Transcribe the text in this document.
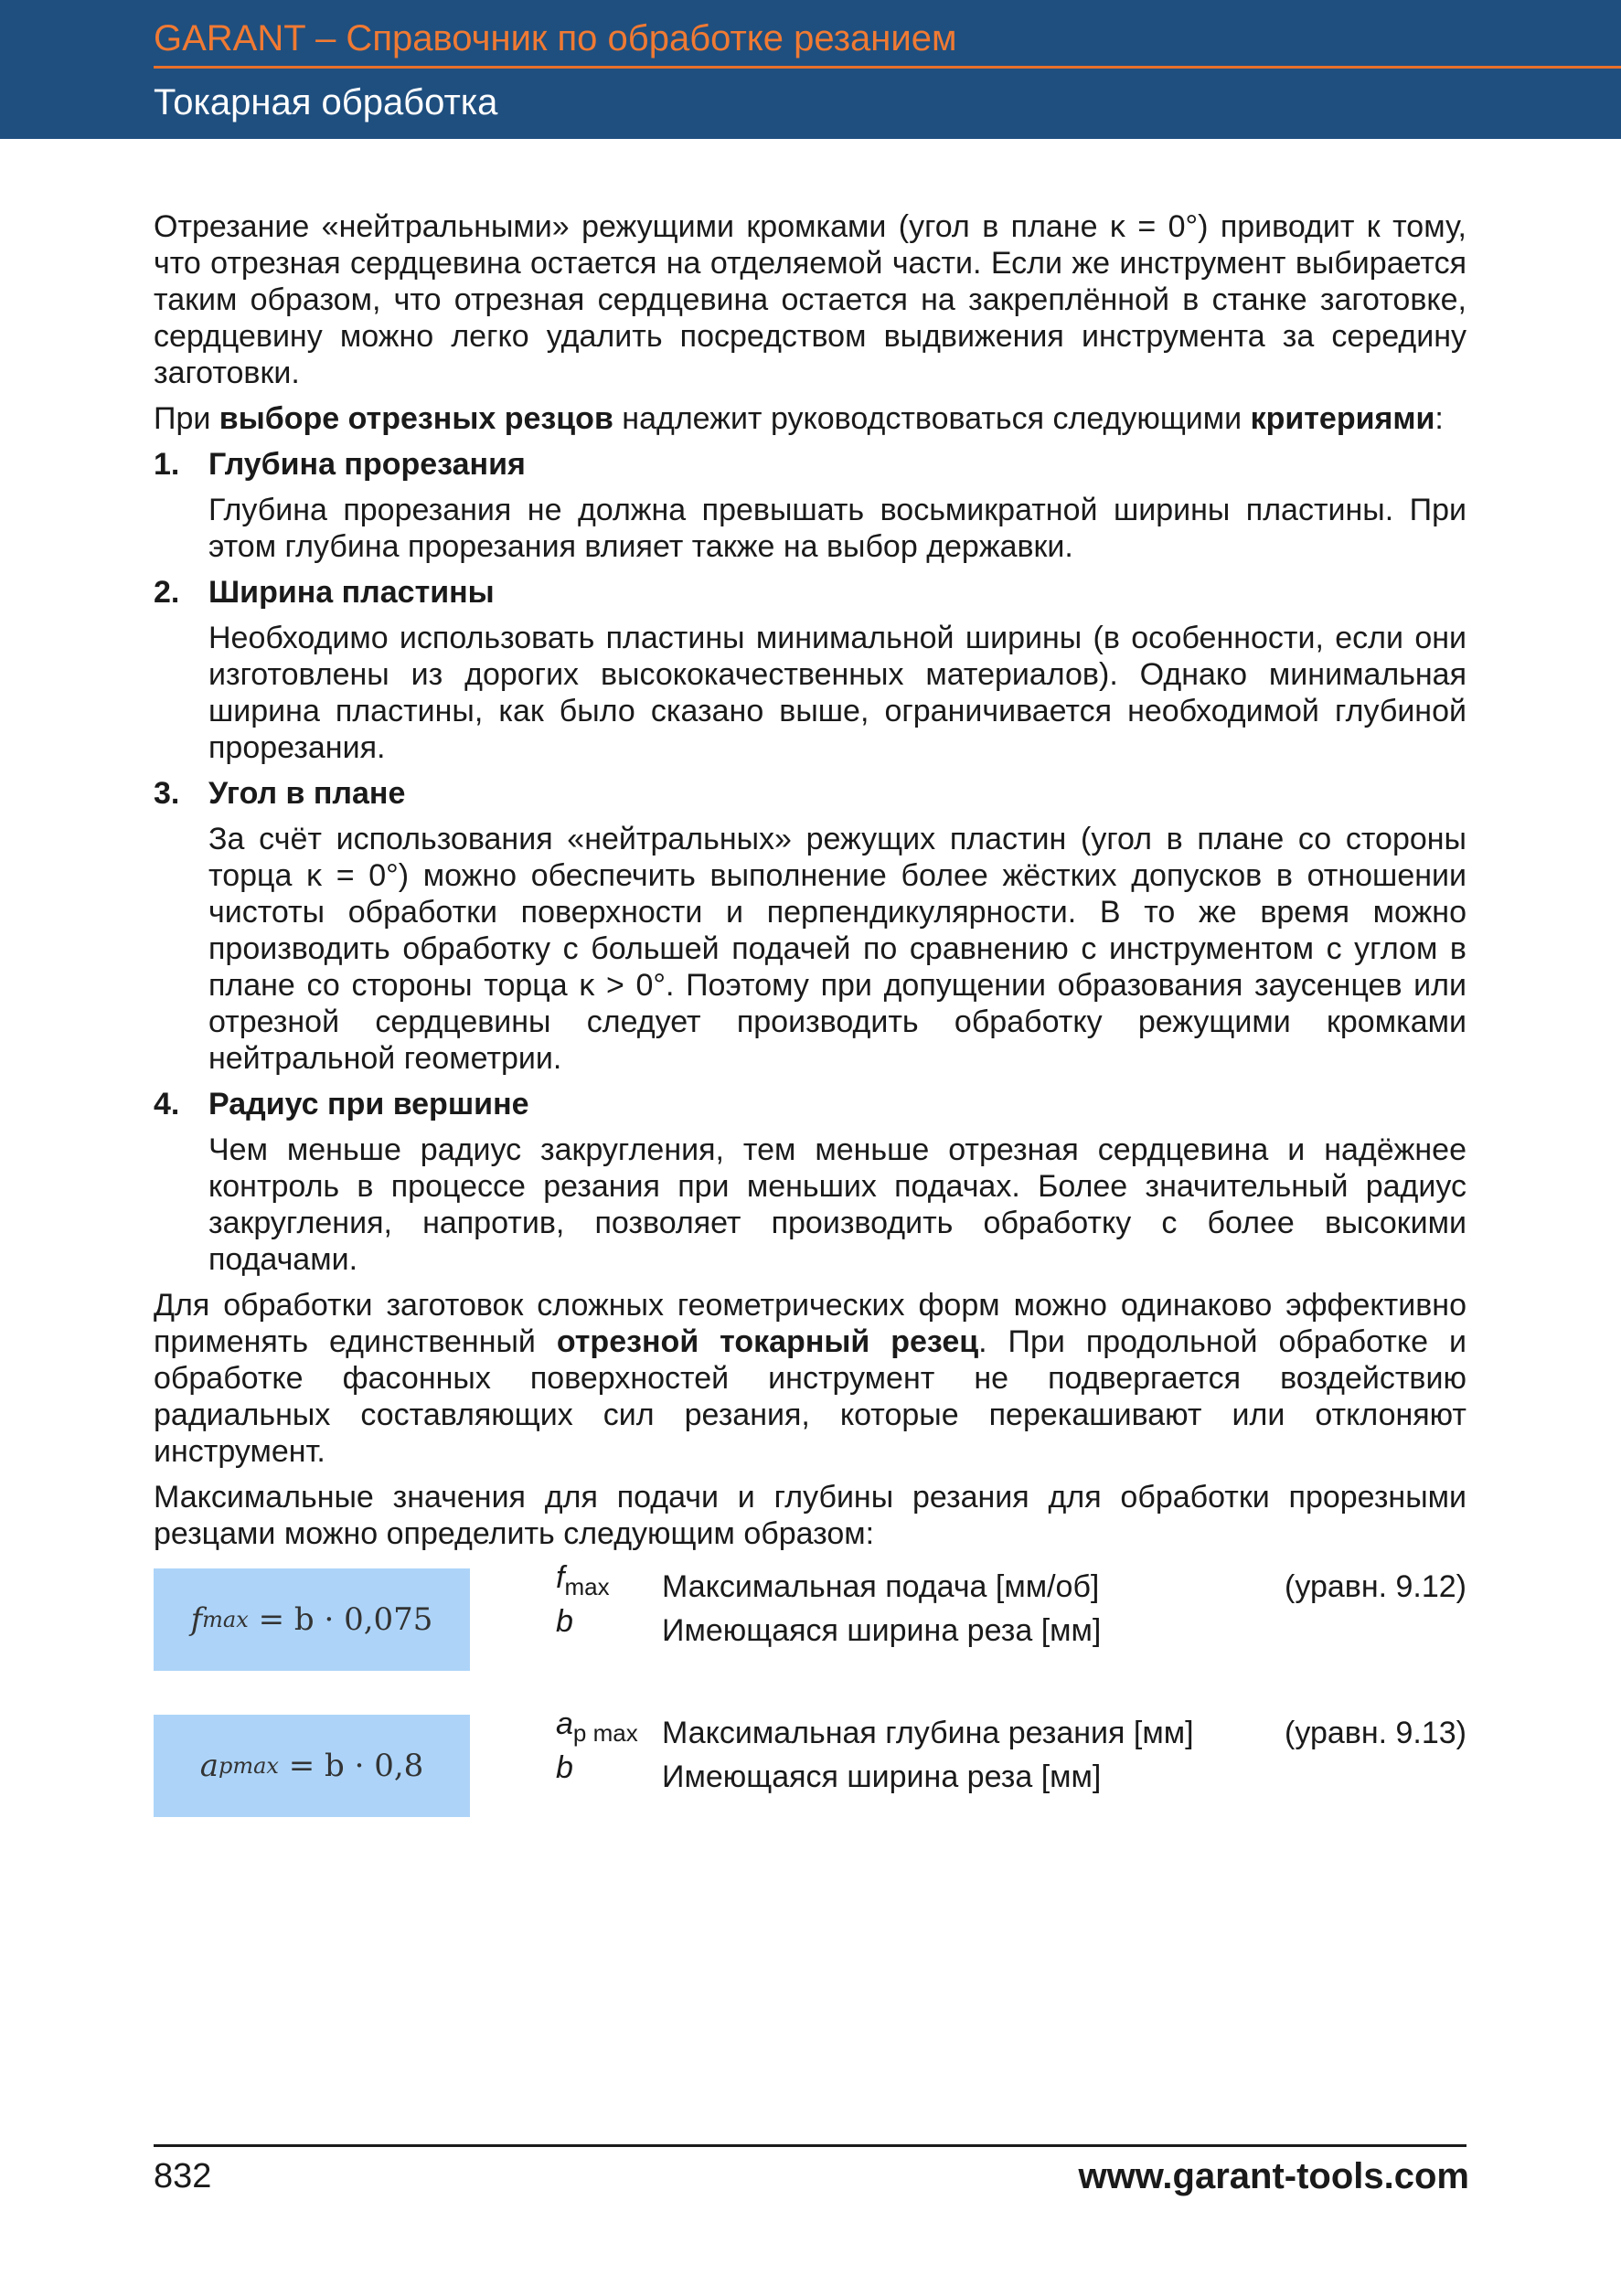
GARANT – Справочник по обработке резанием
Токарная обработка

Отрезание «нейтральными» режущими кромками (угол в плане κ = 0°) приводит к тому, что отрезная сердцевина остается на отделяемой части. Если же инструмент выбирается таким образом, что отрезная сердцевина остается на закреплённой в станке заготовке, сердцевину можно легко удалить посредством выдвижения инструмента за середину заготовки.

При выборе отрезных резцов надлежит руководствоваться следующими критериями:

1. Глубина прорезания

Глубина прорезания не должна превышать восьмикратной ширины пластины. При этом глубина прорезания влияет также на выбор державки.

2. Ширина пластины

Необходимо использовать пластины минимальной ширины (в особенности, если они изготовлены из дорогих высококачественных материалов). Однако минимальная ширина пластины, как было сказано выше, ограничивается необходимой глубиной прорезания.

3. Угол в плане

За счёт использования «нейтральных» режущих пластин (угол в плане со стороны торца κ = 0°) можно обеспечить выполнение более жёстких допусков в отношении чистоты обработки поверхности и перпендикулярности. В то же время можно производить обработку с большей подачей по сравнению с инструментом с углом в плане со стороны торца κ > 0°. Поэтому при допущении образования заусенцев или отрезной сердцевины следует производить обработку режущими кромками нейтральной геометрии.

4. Радиус при вершине

Чем меньше радиус закругления, тем меньше отрезная сердцевина и надёжнее контроль в процессе резания при меньших подачах. Более значительный радиус закругления, напротив, позволяет производить обработку с более высокими подачами.

Для обработки заготовок сложных геометрических форм можно одинаково эффективно применять единственный отрезной токарный резец. При продольной обработке и обработке фасонных поверхностей инструмент не подвергается воздействию радиальных составляющих сил резания, которые перекашивают или отклоняют инструмент.

Максимальные значения для подачи и глубины резания для обработки прорезными резцами можно определить следующим образом:

f max
= b · 0,075
$f_{max}$	Максимальная подача [мм/об]	(уравн. 9.12)
b	Имеющаяся ширина реза [мм]
a pmax
= b · 0,8
$a_{p max}$ Максимальная глубина резания [мм]	(уравн. 9.13)
b	Имеющаяся ширина реза [мм]
832	www.garant-tools.com
